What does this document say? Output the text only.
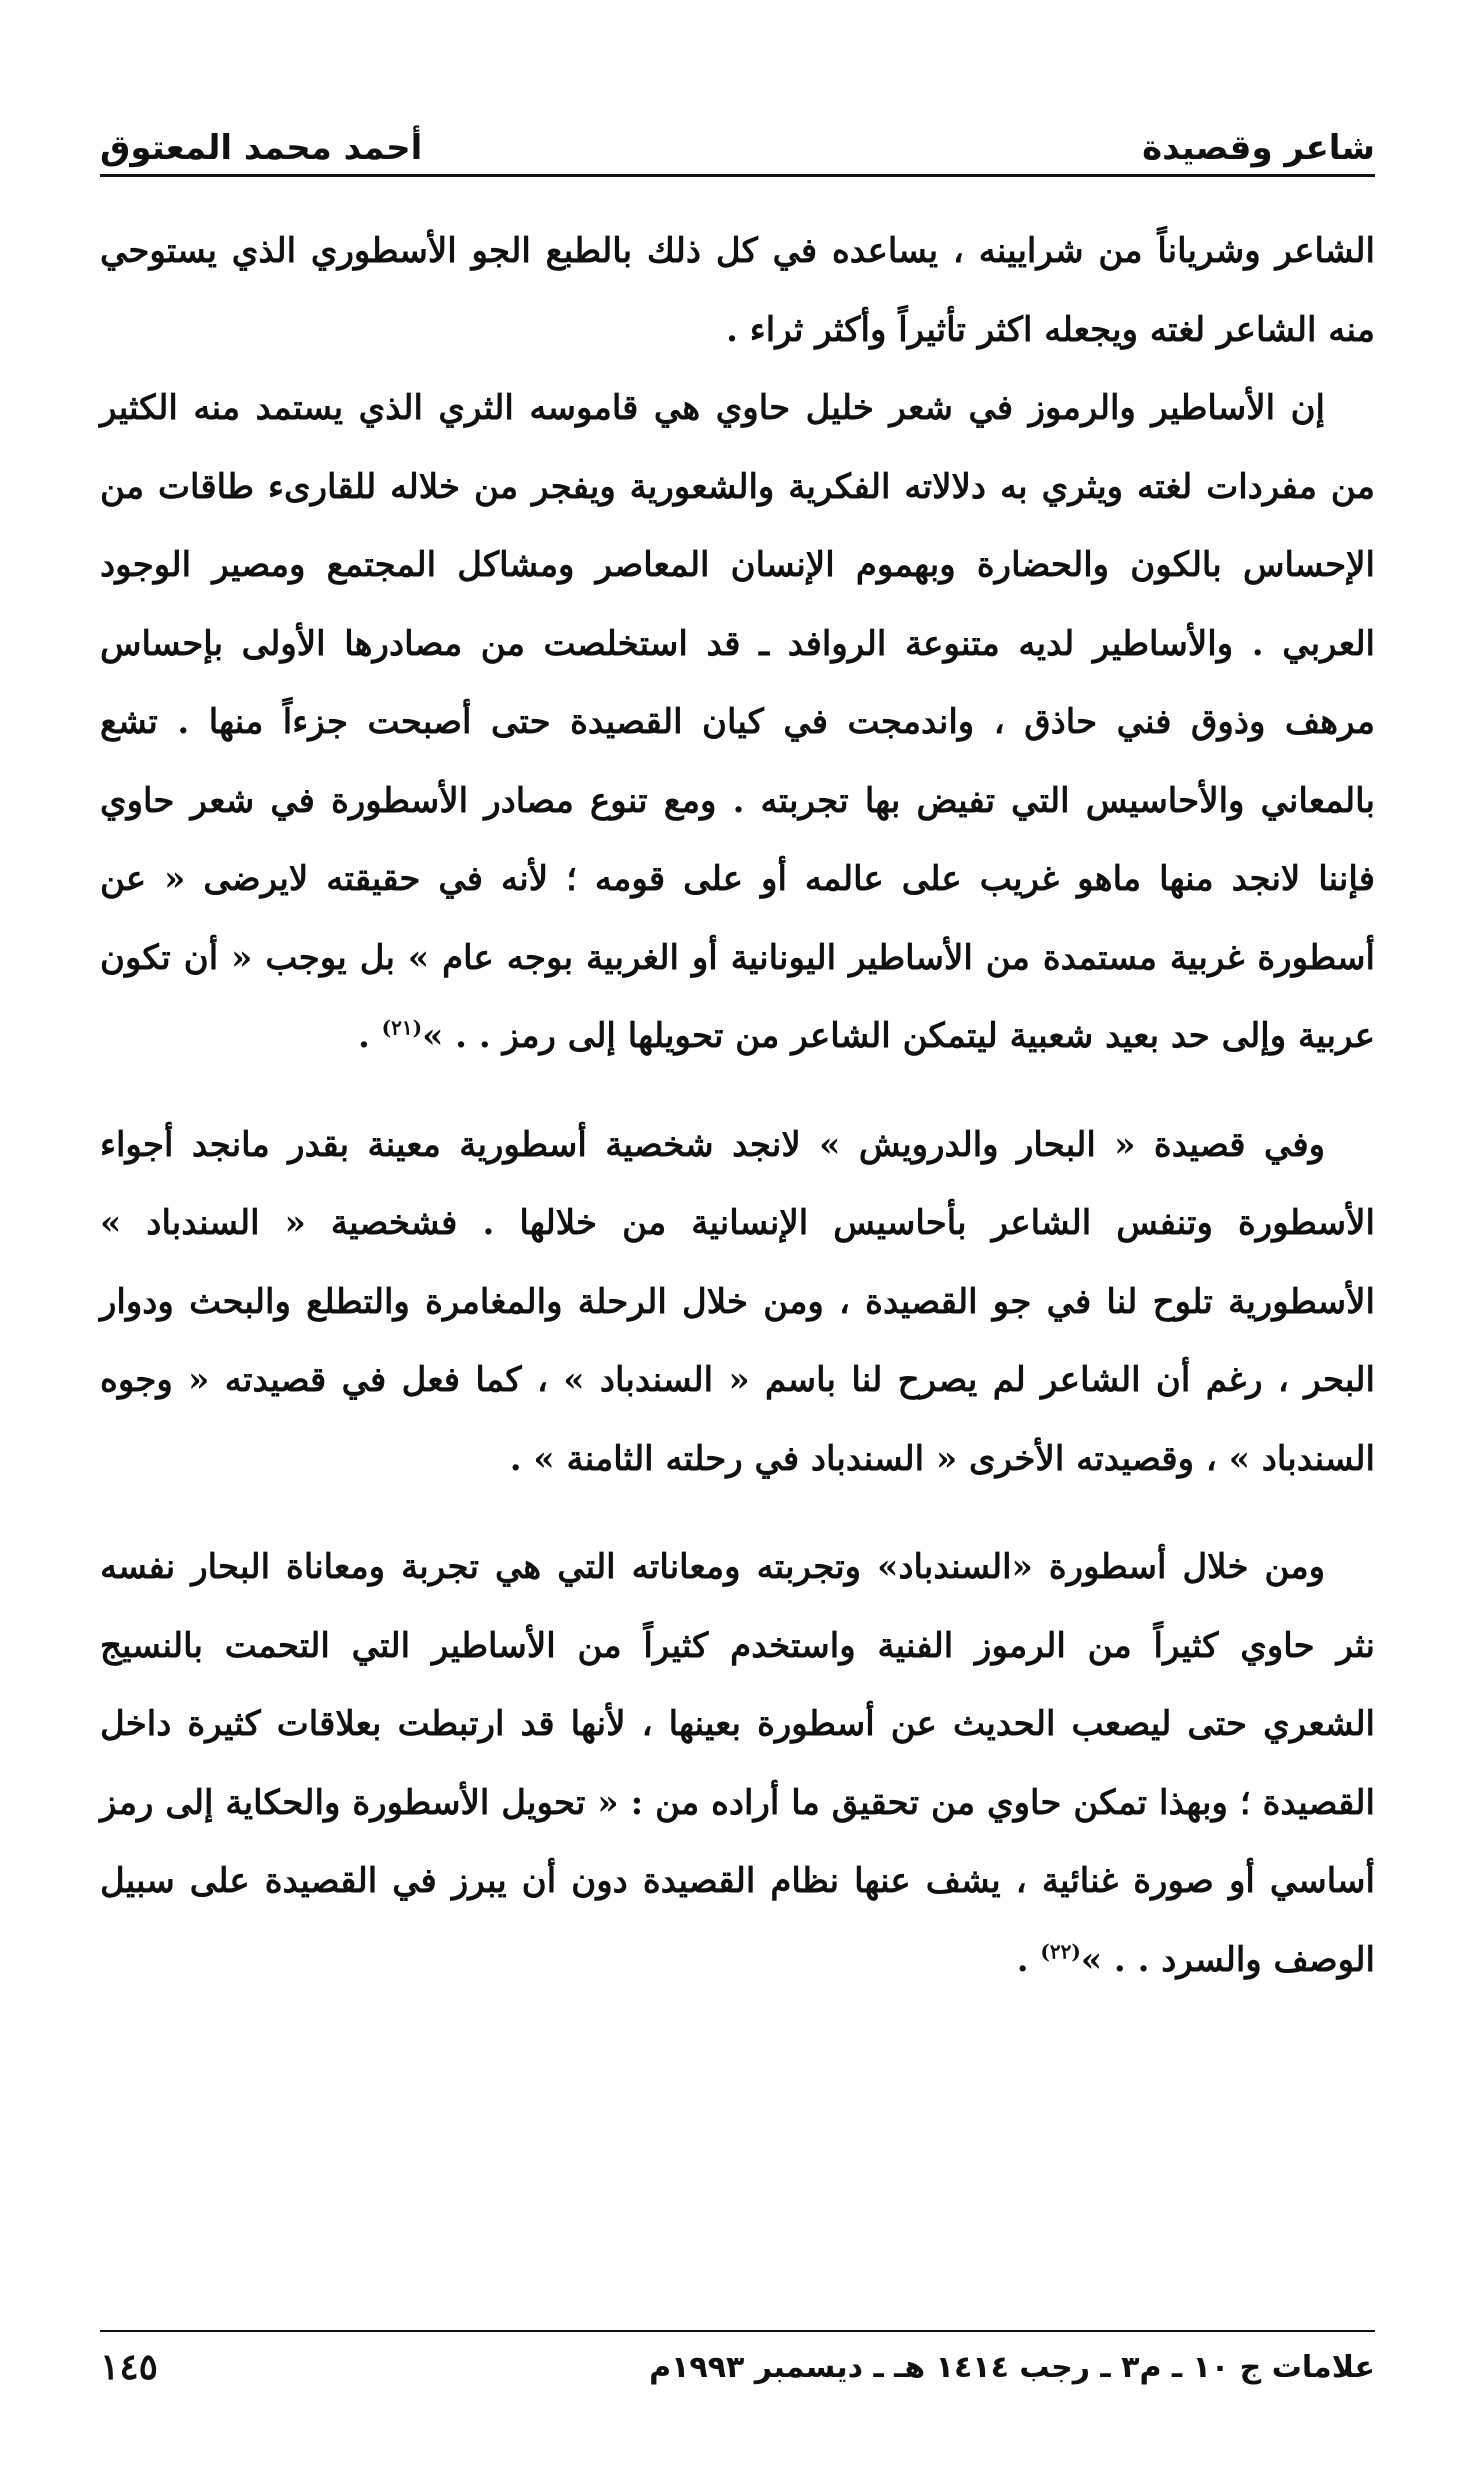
شاعر وقصيدة
أحمد محمد المعتوق

الشاعر وشرياناً من شرايينه ، يساعده في كل ذلك بالطبع الجو الأسطوري الذي يستوحي منه الشاعر لغته ويجعله اكثر تأثيراً وأكثر ثراء .

إن الأساطير والرموز في شعر خليل حاوي هي قاموسه الثري الذي يستمد منه الكثير من مفردات لغته ويثري به دلالاته الفكرية والشعورية ويفجر من خلاله للقارىء طاقات من الإحساس بالكون والحضارة وبهموم الإنسان المعاصر ومشاكل المجتمع ومصير الوجود العربي . والأساطير لديه متنوعة الروافد ـ قد استخلصت من مصادرها الأولى بإحساس مرهف وذوق فني حاذق ، واندمجت في كيان القصيدة حتى أصبحت جزءاً منها . تشع بالمعاني والأحاسيس التي تفيض بها تجربته . ومع تنوع مصادر الأسطورة في شعر حاوي فإننا لانجد منها ماهو غريب على عالمه أو على قومه ؛ لأنه في حقيقته لايرضى « عن أسطورة غربية مستمدة من الأساطير اليونانية أو الغربية بوجه عام » بل يوجب « أن تكون عربية وإلى حد بعيد شعبية ليتمكن الشاعر من تحويلها إلى رمز . . »$^{(٢١)}$ .

وفي قصيدة « البحار والدرويش » لانجد شخصية أسطورية معينة بقدر مانجد أجواء الأسطورة وتنفس الشاعر بأحاسيس الإنسانية من خلالها . فشخصية « السندباد » الأسطورية تلوح لنا في جو القصيدة ، ومن خلال الرحلة والمغامرة والتطلع والبحث ودوار البحر ، رغم أن الشاعر لم يصرح لنا باسم « السندباد » ، كما فعل في قصيدته « وجوه السندباد » ، وقصيدته الأخرى « السندباد في رحلته الثامنة » .

ومن خلال أسطورة «السندباد» وتجربته ومعاناته التي هي تجربة ومعاناة البحار نفسه نثر حاوي كثيراً من الرموز الفنية واستخدم كثيراً من الأساطير التي التحمت بالنسيج الشعري حتى ليصعب الحديث عن أسطورة بعينها ، لأنها قد ارتبطت بعلاقات كثيرة داخل القصيدة ؛ وبهذا تمكن حاوي من تحقيق ما أراده من : « تحويل الأسطورة والحكاية إلى رمز أساسي أو صورة غنائية ، يشف عنها نظام القصيدة دون أن يبرز في القصيدة على سبيل الوصف والسرد . . »$^{(٢٢)}$ .

علامات ج ١٠ ـ م٣ ـ رجب ١٤١٤ هـ ـ ديسمبر ١٩٩٣م
١٤٥
